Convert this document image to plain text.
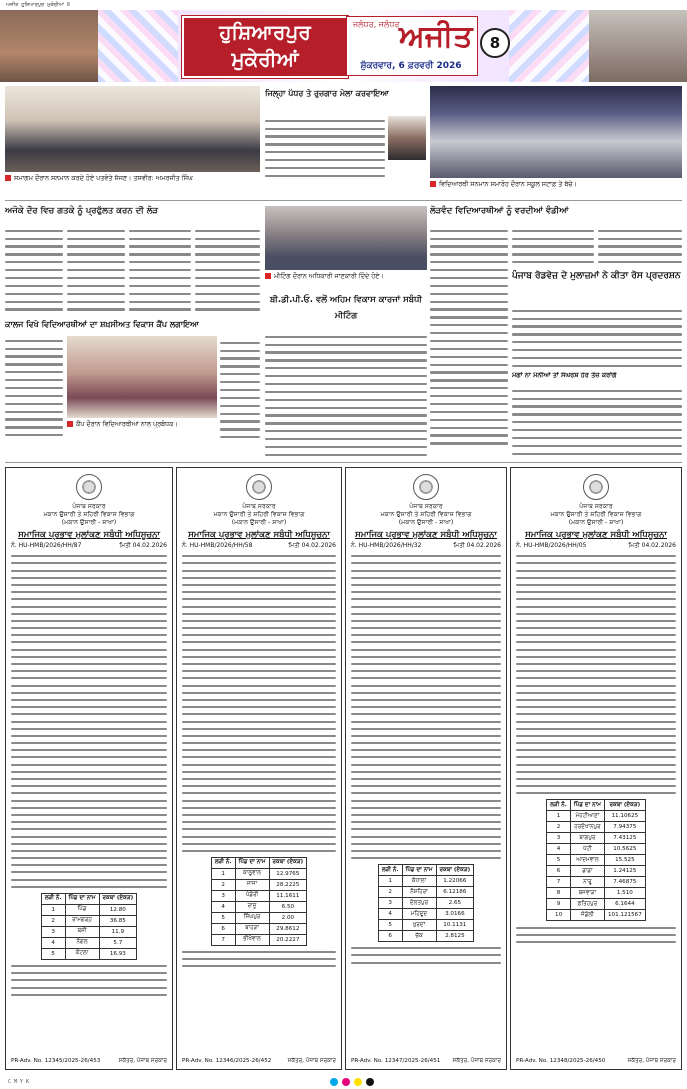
ਅਜੀਤ ਹੁਸ਼ਿਆਰਪੁਰ ਮੁਕੇਰੀਆਂ 8
ਹੁਸ਼ਿਆਰਪੁਰ
ਮੁਕੇਰੀਆਂ
ਜਲੰਧਰ, ਜਲੰਧਰ ਅਜੀਤ
ਸ਼ੁੱਕਰਵਾਰ, 6 ਫ਼ਰਵਰੀ 2026
8
ਸਮਾਗਮ ਦੌਰਾਨ ਸਨਮਾਨ ਕਰਦੇ ਹੋਏ ਪਤਵੰਤੇ ਸੱਜਣ। ਤਸਵੀਰ: ਅਮਰਜੀਤ ਸਿੰਘ
ਜਿਲ੍ਹਾ ਪੱਧਰ ਤੇ ਰੁਜ਼ਗਾਰ ਮੇਲਾ ਕਰਵਾਇਆ
ਵਿਦਿਆਰਥੀ ਸਨਮਾਨ ਸਮਾਰੋਹ ਦੌਰਾਨ ਸਕੂਲ ਸਟਾਫ਼ ਤੇ ਬੱਚੇ।
ਅਜੋਕੇ ਦੌਰ ਵਿਚ ਗਤਕੇ ਨੂੰ ਪ੍ਰਫੁੱਲਤ ਕਰਨ ਦੀ ਲੋੜ	ਲੋੜਵੰਦ ਵਿਦਿਆਰਥੀਆਂ ਨੂੰ ਵਰਦੀਆਂ ਵੰਡੀਆਂ
ਮੀਟਿੰਗ ਦੌਰਾਨ ਅਧਿਕਾਰੀ ਜਾਣਕਾਰੀ ਦਿੰਦੇ ਹੋਏ।
ਬੀ.ਡੀ.ਪੀ.ਓ. ਵਲੋਂ ਅਹਿਮ ਵਿਕਾਸ ਕਾਰਜਾਂ ਸਬੰਧੀ ਮੀਟਿੰਗ
ਪੰਜਾਬ ਰੋਡਵੇਜ਼ ਦੇ ਮੁਲਾਜ਼ਮਾਂ ਨੇ ਕੀਤਾ ਰੋਸ ਪ੍ਰਦਰਸ਼ਨ
ਕਾਲਜ ਵਿਖੇ ਵਿਦਿਆਰਥੀਆਂ ਦਾ ਸ਼ਖ਼ਸੀਅਤ ਵਿਕਾਸ ਕੈਂਪ ਲਗਾਇਆ
ਕੈਂਪ ਦੌਰਾਨ ਵਿਦਿਆਰਥੀਆਂ ਨਾਲ ਪ੍ਰਬੰਧਕ।
ਮੰਗਾਂ ਨਾ ਮੰਨੀਆਂ ਤਾਂ ਸੰਘਰਸ਼ ਹੋਰ ਤੇਜ਼ ਕਰਾਂਗੇ
ਪੰਜਾਬ ਸਰਕਾਰ
ਮਕਾਨ ਉਸਾਰੀ ਤੇ ਸ਼ਹਿਰੀ ਵਿਕਾਸ ਵਿਭਾਗ
(ਮਕਾਨ ਉਸਾਰੀ - ਸ਼ਾਖਾ)
ਸਮਾਜਿਕ ਪ੍ਰਭਾਵ ਮੁਲਾਂਕਣ ਸਬੰਧੀ ਅਧਿਸੂਚਨਾ
ਨੰ. HU-HMB/2026/HH/87	ਮਿਤੀ 04.02.2026
ਲੜੀ ਨੰ.	ਪਿੰਡ ਦਾ ਨਾਮ	ਰਕਬਾ (ਏਕੜ)
1	ਪਿੰਡ	12.80
2	ਰਾਮਗੜ੍ਹ	36.85
3	ਬਸੀ	11.9
4	ਨੰਗਲ	5.7
5	ਕੋਟਲਾ	16.93
PR-Adv. No. 12345/2025-26/453	ਸਕੱਤਰ, ਪੰਜਾਬ ਸਰਕਾਰ
ਪੰਜਾਬ ਸਰਕਾਰ
ਮਕਾਨ ਉਸਾਰੀ ਤੇ ਸ਼ਹਿਰੀ ਵਿਕਾਸ ਵਿਭਾਗ
(ਮਕਾਨ ਉਸਾਰੀ - ਸ਼ਾਖਾ)
ਸਮਾਜਿਕ ਪ੍ਰਭਾਵ ਮੁਲਾਂਕਣ ਸਬੰਧੀ ਅਧਿਸੂਚਨਾ
ਨੰ. HU-HMB/2026/HH/58	ਮਿਤੀ 04.02.2026
ਲੜੀ ਨੰ.	ਪਿੰਡ ਦਾ ਨਾਮ	ਰਕਬਾ (ਏਕੜ)
1	ਕਾਲੂਵਾਲ	12.9765
2	ਜਾਜਾ	28.2225
3	ਪੰਡੋਰੀ	11.1611
4	ਰਾਜੂ	6.50
5	ਸਿੰਘਪੁਰ	2.00
6	ਬਾਹੜਾ	29.8612
7	ਭੀਖੋਵਾਲ	20.2227
PR-Adv. No. 12346/2025-26/452	ਸਕੱਤਰ, ਪੰਜਾਬ ਸਰਕਾਰ
ਪੰਜਾਬ ਸਰਕਾਰ
ਮਕਾਨ ਉਸਾਰੀ ਤੇ ਸ਼ਹਿਰੀ ਵਿਕਾਸ ਵਿਭਾਗ
(ਮਕਾਨ ਉਸਾਰੀ - ਸ਼ਾਖਾ)
ਸਮਾਜਿਕ ਪ੍ਰਭਾਵ ਮੁਲਾਂਕਣ ਸਬੰਧੀ ਅਧਿਸੂਚਨਾ
ਨੰ. HU-HMB/2026/HH/32	ਮਿਤੀ 04.02.2026
ਲੜੀ ਨੰ.	ਪਿੰਡ ਦਾ ਨਾਮ	ਰਕਬਾ (ਏਕੜ)
1	ਕੰਧਾਲਾ	1.22066
2	ਨੌਸ਼ਹਿਰਾ	6.12186
3	ਦੋਲਤਪੁਰ	2.65
4	ਮਹਿਦੂਦ	3.0166
5	ਖੁਰਦਾਂ	10.1131
6	ਚੱਕ	2.8125
PR-Adv. No. 12347/2025-26/451 ਸਕੱਤਰ, ਪੰਜਾਬ ਸਰਕਾਰ
ਪੰਜਾਬ ਸਰਕਾਰ
ਮਕਾਨ ਉਸਾਰੀ ਤੇ ਸ਼ਹਿਰੀ ਵਿਕਾਸ ਵਿਭਾਗ
(ਮਕਾਨ ਉਸਾਰੀ - ਸ਼ਾਖਾ)
ਸਮਾਜਿਕ ਪ੍ਰਭਾਵ ਮੁਲਾਂਕਣ ਸਬੰਧੀ ਅਧਿਸੂਚਨਾ
ਨੰ. HU-HMB/2026/HH/05	ਮਿਤੀ 04.02.2026
ਲੜੀ ਨੰ.	ਪਿੰਡ ਦਾ ਨਾਮ	ਰਕਬਾ (ਏਕੜ)
1	ਮੇਹਟੀਆਣਾ	11.10625
2	ਹਰਦੋਖਾਨਪੁਰ	7.94375
3	ਬਾਗਪੁਰ	7.43125
4	ਪੱਟੀ	10.5625
5	ਆਦਮਵਾਲ	15.525
6	ਡਾਡਾ	1.24125
7	ਨਾਰੂ	7.46875
8	ਬਜਵਾੜਾ	1.510
9	ਫ਼ਤਿਹਪੁਰ	6.1644
10	ਜੰਡੋਲੀ	101.121567
PR-Adv. No. 12348/2025-26/450	ਸਕੱਤਰ, ਪੰਜਾਬ ਸਰਕਾਰ
C M Y K
